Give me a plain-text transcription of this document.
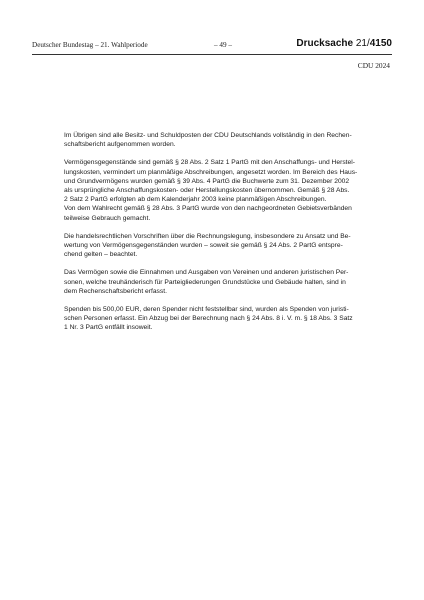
Deutscher Bundestag – 21. Wahlperiode	– 49 –	Drucksache 21/4150
CDU 2024

Im Übrigen sind alle Besitz- und Schuldposten der CDU Deutschlands vollständig in den Rechen-
schaftsbericht aufgenommen worden.

Vermögensgegenstände sind gemäß § 28 Abs. 2 Satz 1 PartG mit den Anschaffungs- und Herstel-
lungskosten, vermindert um planmäßige Abschreibungen, angesetzt worden. Im Bereich des Haus-
und Grundvermögens wurden gemäß § 39 Abs. 4 PartG die Buchwerte zum 31. Dezember 2002
als ursprüngliche Anschaffungskosten- oder Herstellungskosten übernommen. Gemäß § 28 Abs.
2 Satz 2 PartG erfolgten ab dem Kalenderjahr 2003 keine planmäßigen Abschreibungen.
Von dem Wahlrecht gemäß § 28 Abs. 3 PartG wurde von den nachgeordneten Gebietsverbänden
teilweise Gebrauch gemacht.

Die handelsrechtlichen Vorschriften über die Rechnungslegung, insbesondere zu Ansatz und Be-
wertung von Vermögensgegenständen wurden – soweit sie gemäß § 24 Abs. 2 PartG entspre-
chend gelten – beachtet.

Das Vermögen sowie die Einnahmen und Ausgaben von Vereinen und anderen juristischen Per-
sonen, welche treuhänderisch für Parteigliederungen Grundstücke und Gebäude halten, sind in
dem Rechenschaftsbericht erfasst.

Spenden bis 500,00 EUR, deren Spender nicht feststellbar sind, wurden als Spenden von juristi-
schen Personen erfasst. Ein Abzug bei der Berechnung nach § 24 Abs. 8 i. V. m. § 18 Abs. 3 Satz
1 Nr. 3 PartG entfällt insoweit.
